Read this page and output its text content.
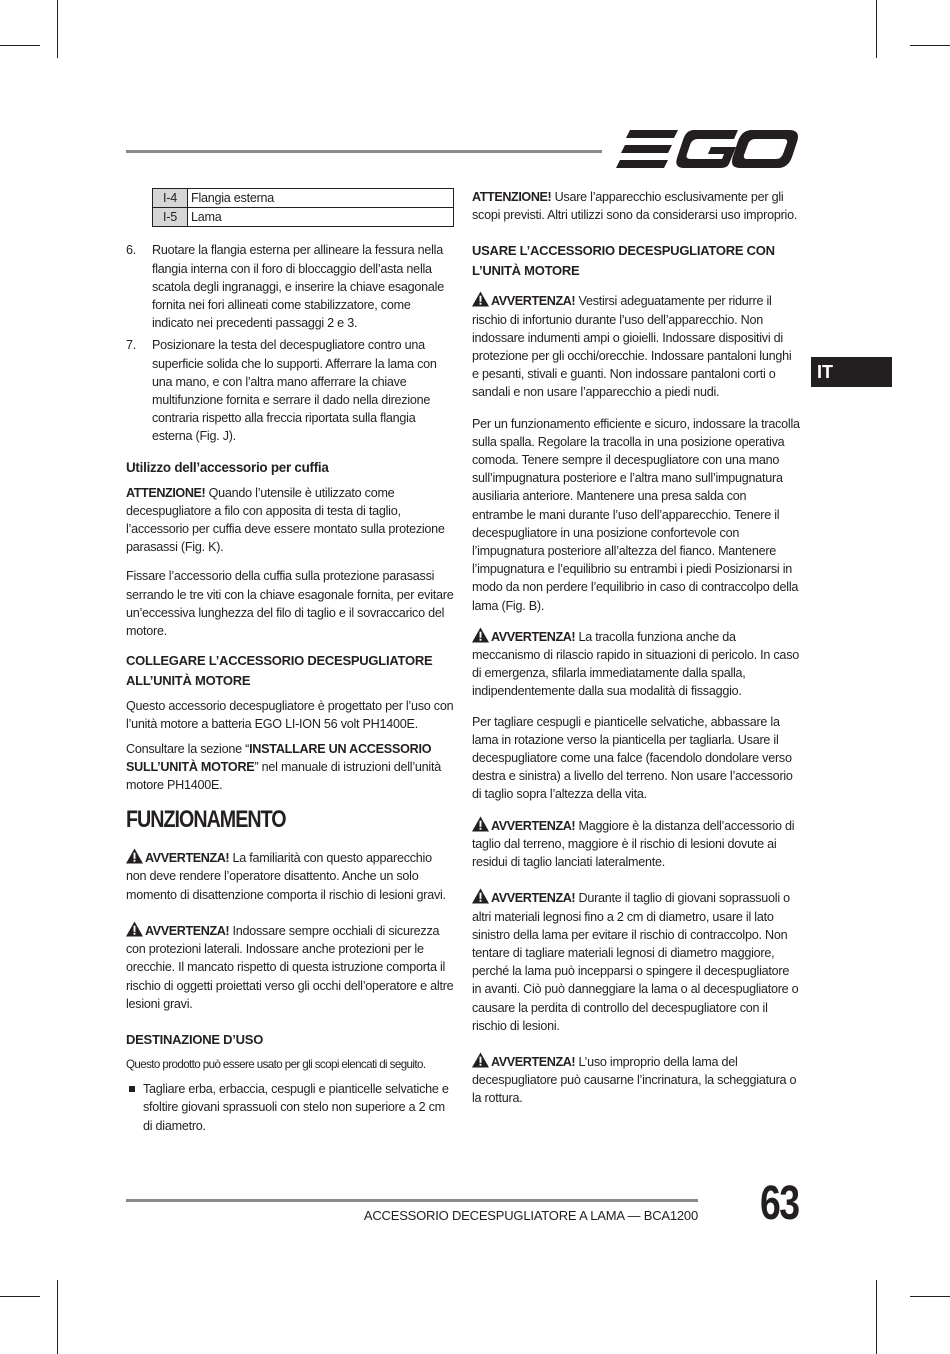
IT
I-4	Flangia esterna
I-5	Lama
6. Ruotare la flangia esterna per allineare la fessura nella flangia interna con il foro di bloccaggio dell’asta nella scatola degli ingranaggi, e inserire la chiave esagonale fornita nei fori allineati come stabilizzatore, come indicato nei precedenti passaggi 2 e 3.
7. Posizionare la testa del decespugliatore contro una superficie solida che lo supporti. Afferrare la lama con una mano, e con l’altra mano afferrare la chiave multifunzione fornita e serrare il dado nella direzione contraria rispetto alla freccia riportata sulla flangia esterna (Fig. J).
Utilizzo dell’accessorio per cuffia

ATTENZIONE! Quando l’utensile è utilizzato come decespugliatore a filo con apposita di testa di taglio, l’accessorio per cuffia deve essere montato sulla protezione parasassi (Fig. K).

Fissare l’accessorio della cuffia sulla protezione parasassi serrando le tre viti con la chiave esagonale fornita, per evitare un’eccessiva lunghezza del filo di taglio e il sovraccarico del motore.

COLLEGARE L’ACCESSORIO DECESPUGLIATORE ALL’UNITÀ MOTORE

Questo accessorio decespugliatore è progettato per l’uso con l’unità motore a batteria EGO LI-ION 56 volt PH1400E.

Consultare la sezione “INSTALLARE UN ACCESSORIO SULL’UNITÀ MOTORE” nel manuale di istruzioni dell’unità motore PH1400E.

FUNZIONAMENTO

AVVERTENZA! La familiarità con questo apparecchio non deve rendere l’operatore disattento. Anche un solo momento di disattenzione comporta il rischio di lesioni gravi.

AVVERTENZA! Indossare sempre occhiali di sicurezza con protezioni laterali. Indossare anche protezioni per le orecchie. Il mancato rispetto di questa istruzione comporta il rischio di oggetti proiettati verso gli occhi dell’operatore e altre lesioni gravi.

DESTINAZIONE D’USO

Questo prodotto può essere usato per gli scopi elencati di seguito.

Tagliare erba, erbaccia, cespugli e pianticelle selvatiche e sfoltire giovani sprassuoli con stelo non superiore a 2 cm di diametro.

ATTENZIONE! Usare l’apparecchio esclusivamente per gli scopi previsti. Altri utilizzi sono da considerarsi uso improprio.

USARE L’ACCESSORIO DECESPUGLIATORE CON L’UNITÀ MOTORE

AVVERTENZA! Vestirsi adeguatamente per ridurre il rischio di infortunio durante l’uso dell’apparecchio. Non indossare indumenti ampi o gioielli. Indossare dispositivi di protezione per gli occhi/orecchie. Indossare pantaloni lunghi e pesanti, stivali e guanti. Non indossare pantaloni corti o sandali e non usare l’apparecchio a piedi nudi.

Per un funzionamento efficiente e sicuro, indossare la tracolla sulla spalla. Regolare la tracolla in una posizione operativa comoda. Tenere sempre il decespugliatore con una mano sull’impugnatura posteriore e l’altra mano sull’impugnatura ausiliaria anteriore. Mantenere una presa salda con entrambe le mani durante l’uso dell’apparecchio. Tenere il decespugliatore in una posizione confortevole con l’impugnatura posteriore all’altezza del fianco. Mantenere l’impugnatura e l’equilibrio su entrambi i piedi Posizionarsi in modo da non perdere l’equilibrio in caso di contraccolpo della lama (Fig. B).

AVVERTENZA! La tracolla funziona anche da meccanismo di rilascio rapido in situazioni di pericolo. In caso di emergenza, sfilarla immediatamente dalla spalla, indipendentemente dalla sua modalità di fissaggio.

Per tagliare cespugli e pianticelle selvatiche, abbassare la lama in rotazione verso la pianticella per tagliarla. Usare il decespugliatore come una falce (facendolo dondolare verso destra e sinistra) a livello del terreno. Non usare l’accessorio di taglio sopra l’altezza della vita.

AVVERTENZA! Maggiore è la distanza dell’accessorio di taglio dal terreno, maggiore è il rischio di lesioni dovute ai residui di taglio lanciati lateralmente.

AVVERTENZA! Durante il taglio di giovani soprassuoli o altri materiali legnosi fino a 2 cm di diametro, usare il lato sinistro della lama per evitare il rischio di contraccolpo. Non tentare di tagliare materiali legnosi di diametro maggiore, perché la lama può incepparsi o spingere il decespugliatore in avanti. Ciò può danneggiare la lama o al decespugliatore o causare la perdita di controllo del decespugliatore con il rischio di lesioni.

AVVERTENZA! L’uso improprio della lama del decespugliatore può causarne l’incrinatura, la scheggiatura o la rottura.

ACCESSORIO DECESPUGLIATORE A LAMA — BCA1200 63
